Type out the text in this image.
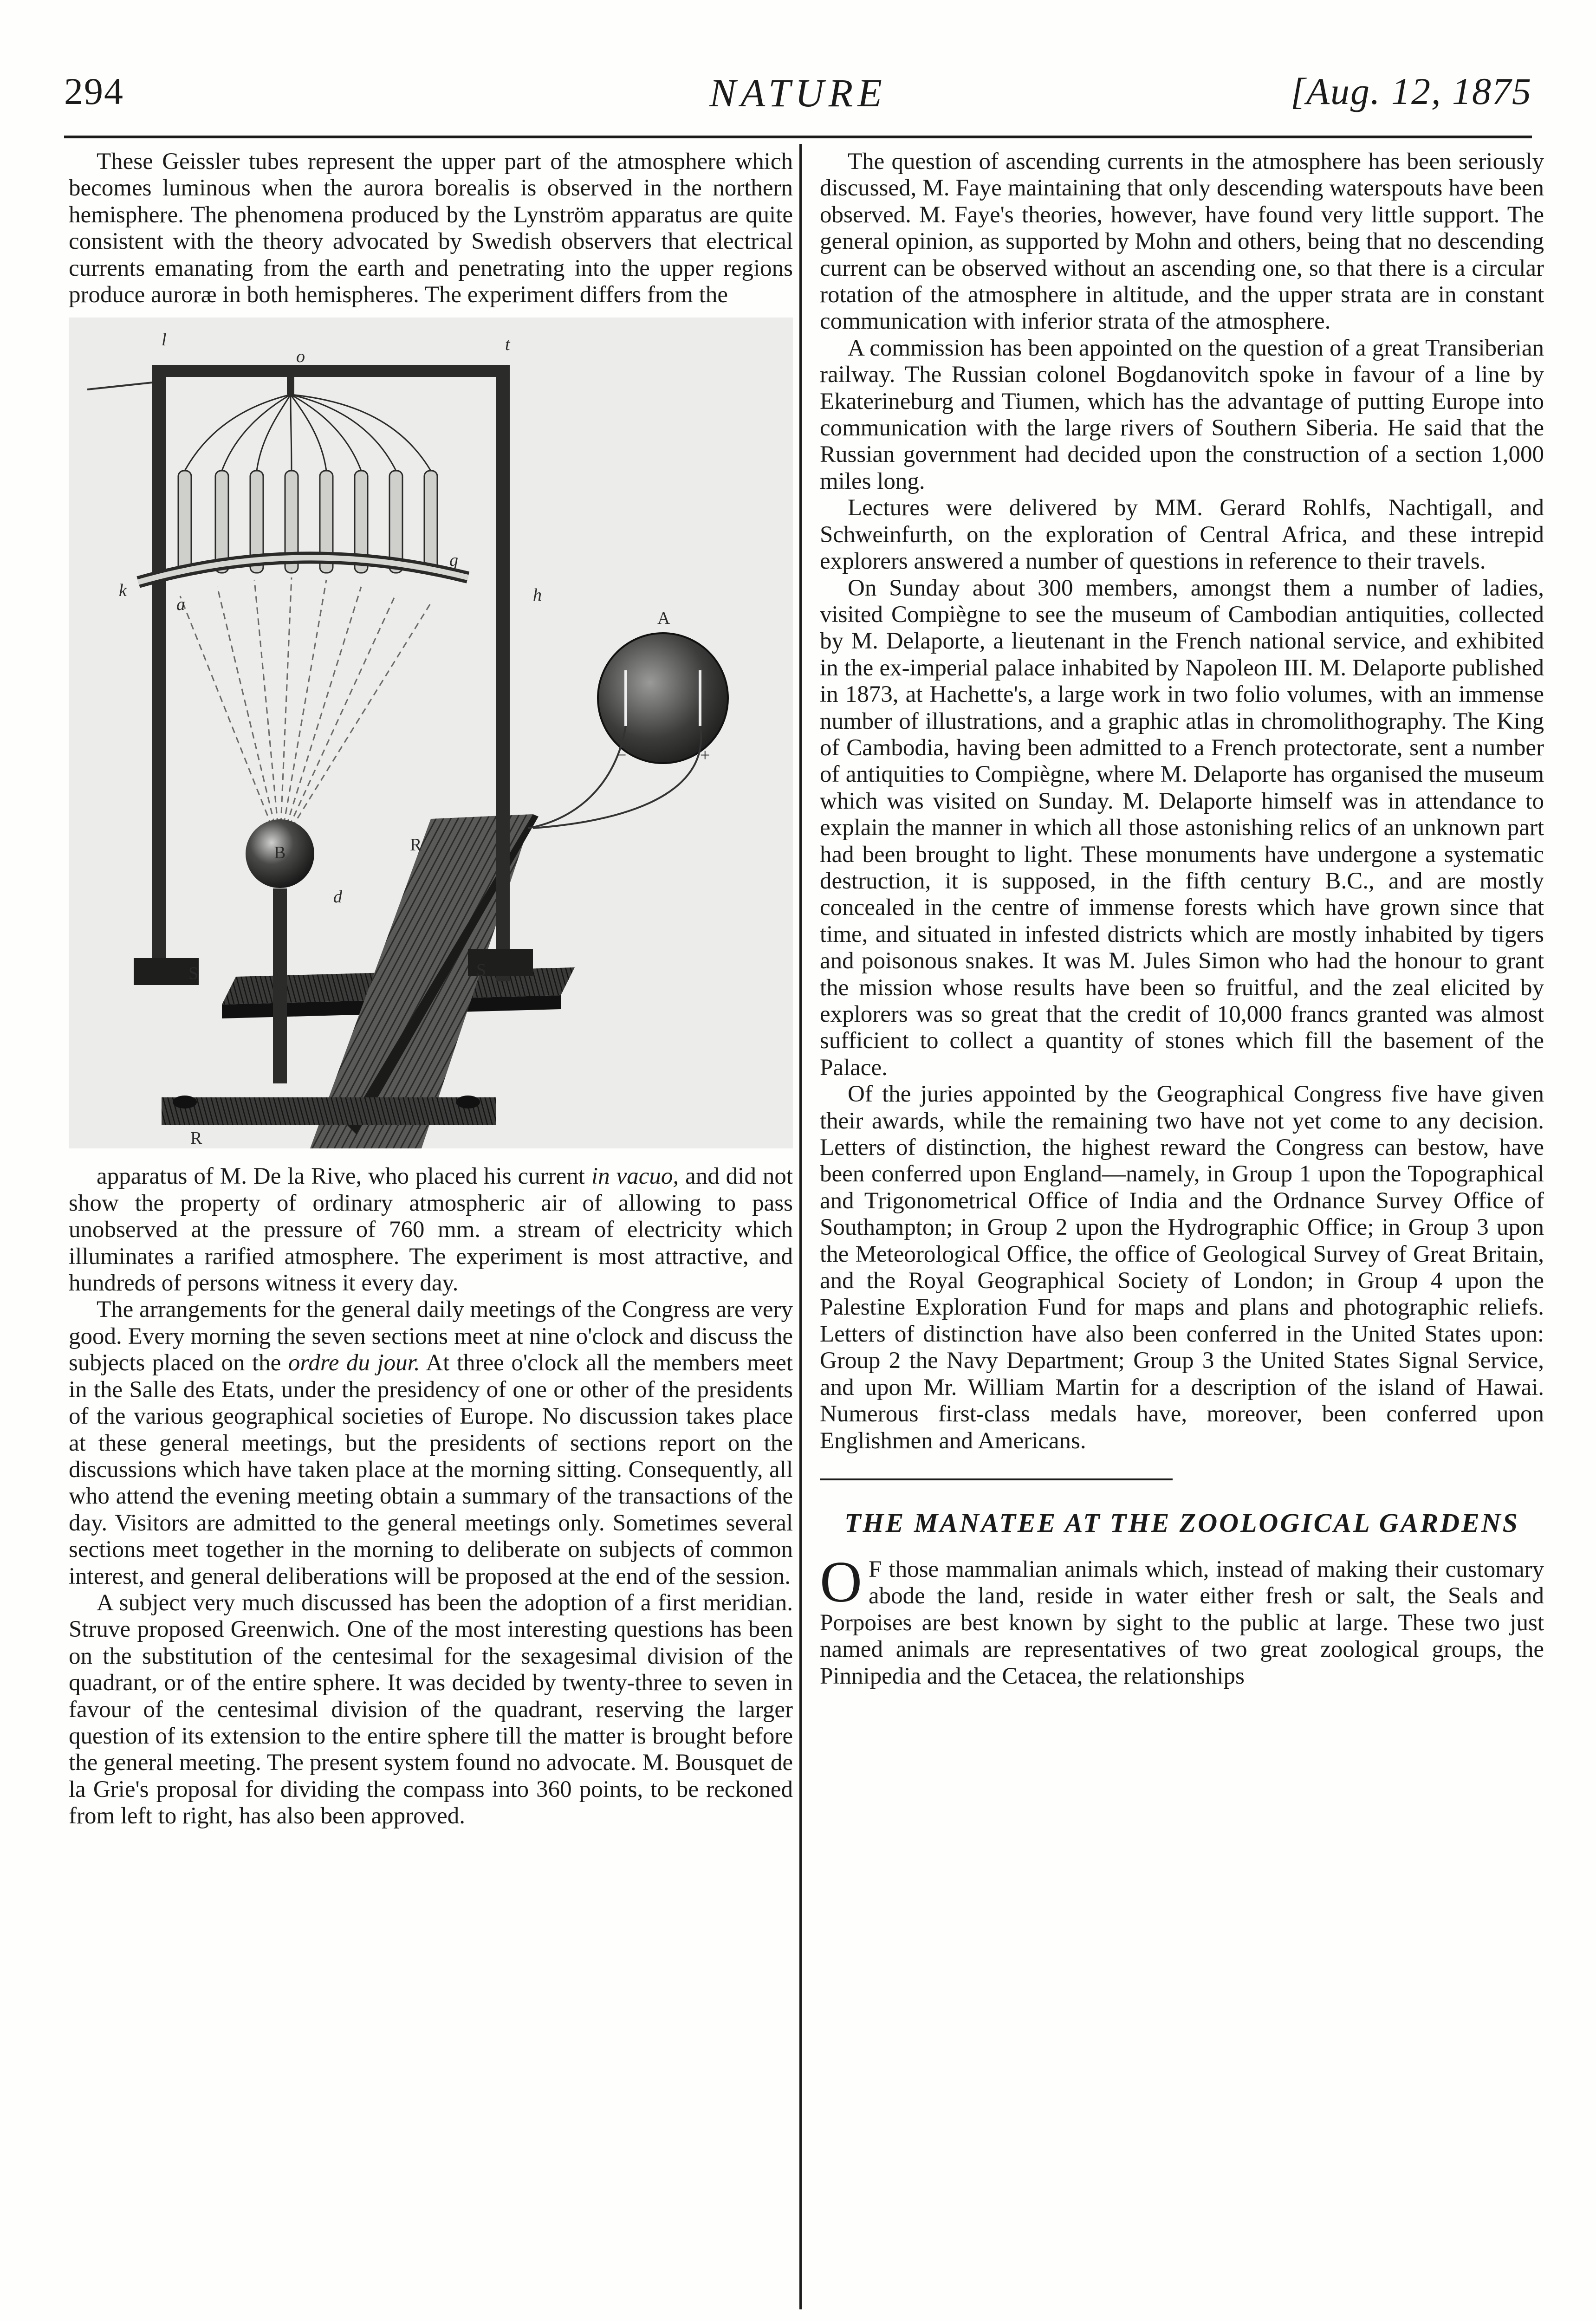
294	NATURE	[Aug. 12, 1875

These Geissler tubes represent the upper part of the atmosphere which becomes luminous when the aurora borealis is observed in the northern hemisphere. The phenomena produced by the Lynström apparatus are quite consistent with the theory advocated by Swedish observers that electrical currents emanating from the earth and penetrating into the upper regions produce auroræ in both hemispheres. The experiment differs from the

l	t
o
k
a
g
h
A
−	+
B	R
d
S	S
R

apparatus of M. De la Rive, who placed his current in vacuo, and did not show the property of ordinary atmospheric air of allowing to pass unobserved at the pressure of 760 mm. a stream of electricity which illuminates a rarified atmosphere. The experiment is most attractive, and hundreds of persons witness it every day.

The arrangements for the general daily meetings of the Congress are very good. Every morning the seven sections meet at nine o'clock and discuss the subjects placed on the ordre du jour. At three o'clock all the members meet in the Salle des Etats, under the presidency of one or other of the presidents of the various geographical societies of Europe. No discussion takes place at these general meetings, but the presidents of sections report on the discussions which have taken place at the morning sitting. Consequently, all who attend the evening meeting obtain a summary of the transactions of the day. Visitors are admitted to the general meetings only. Sometimes several sections meet together in the morning to deliberate on subjects of common interest, and general deliberations will be proposed at the end of the session.

A subject very much discussed has been the adoption of a first meridian. Struve proposed Greenwich. One of the most interesting questions has been on the substitution of the centesimal for the sexagesimal division of the quadrant, or of the entire sphere. It was decided by twenty-three to seven in favour of the centesimal division of the quadrant, reserving the larger question of its extension to the entire sphere till the matter is brought before the general meeting. The present system found no advocate. M. Bousquet de la Grie's proposal for dividing the compass into 360 points, to be reckoned from left to right, has also been approved.

The question of ascending currents in the atmosphere has been seriously discussed, M. Faye maintaining that only descending waterspouts have been observed. M. Faye's theories, however, have found very little support. The general opinion, as supported by Mohn and others, being that no descending current can be observed without an ascending one, so that there is a circular rotation of the atmosphere in altitude, and the upper strata are in constant communication with inferior strata of the atmosphere.

A commission has been appointed on the question of a great Transiberian railway. The Russian colonel Bogdanovitch spoke in favour of a line by Ekaterineburg and Tiumen, which has the advantage of putting Europe into communication with the large rivers of Southern Siberia. He said that the Russian government had decided upon the construction of a section 1,000 miles long.

Lectures were delivered by MM. Gerard Rohlfs, Nachtigall, and Schweinfurth, on the exploration of Central Africa, and these intrepid explorers answered a number of questions in reference to their travels.

On Sunday about 300 members, amongst them a number of ladies, visited Compiègne to see the museum of Cambodian antiquities, collected by M. Delaporte, a lieutenant in the French national service, and exhibited in the ex-imperial palace inhabited by Napoleon III. M. Delaporte published in 1873, at Hachette's, a large work in two folio volumes, with an immense number of illustrations, and a graphic atlas in chromolithography. The King of Cambodia, having been admitted to a French protectorate, sent a number of antiquities to Compiègne, where M. Delaporte has organised the museum which was visited on Sunday. M. Delaporte himself was in attendance to explain the manner in which all those astonishing relics of an unknown part had been brought to light. These monuments have undergone a systematic destruction, it is supposed, in the fifth century B.C., and are mostly concealed in the centre of immense forests which have grown since that time, and situated in infested districts which are mostly inhabited by tigers and poisonous snakes. It was M. Jules Simon who had the honour to grant the mission whose results have been so fruitful, and the zeal elicited by explorers was so great that the credit of 10,000 francs granted was almost sufficient to collect a quantity of stones which fill the basement of the Palace.

Of the juries appointed by the Geographical Congress five have given their awards, while the remaining two have not yet come to any decision. Letters of distinction, the highest reward the Congress can bestow, have been conferred upon England—namely, in Group 1 upon the Topographical and Trigonometrical Office of India and the Ordnance Survey Office of Southampton; in Group 2 upon the Hydrographic Office; in Group 3 upon the Meteorological Office, the office of Geological Survey of Great Britain, and the Royal Geographical Society of London; in Group 4 upon the Palestine Exploration Fund for maps and plans and photographic reliefs. Letters of distinction have also been conferred in the United States upon: Group 2 the Navy Department; Group 3 the United States Signal Service, and upon Mr. William Martin for a description of the island of Hawai. Numerous first-class medals have, moreover, been conferred upon Englishmen and Americans.

THE MANATEE AT THE ZOOLOGICAL GARDENS

O F those mammalian animals which, instead of making their customary abode the land, reside in water either fresh or salt, the Seals and Porpoises are best known by sight to the public at large. These two just named animals are representatives of two great zoological groups, the Pinnipedia and the Cetacea, the relationships
